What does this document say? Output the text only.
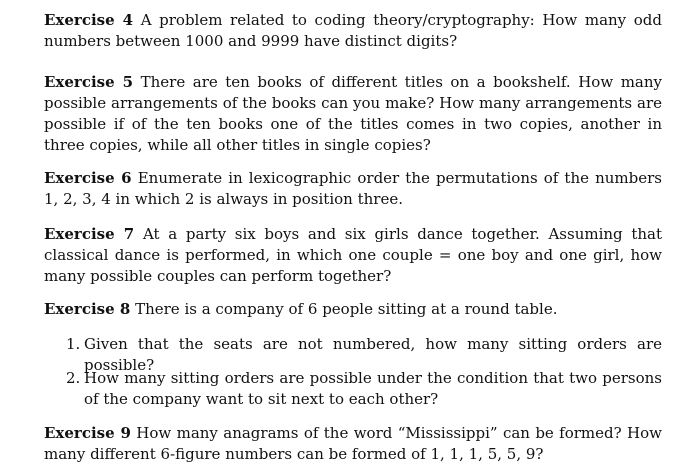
Exercise 4 A problem related to coding theory/cryptography: How many odd numbers between 1000 and 9999 have distinct digits?
Exercise 5 There are ten books of different titles on a bookshelf. How many possible arrangements of the books can you make? How many arrangements are possible if of the ten books one of the titles comes in two copies, another in three copies, while all other titles in single copies?
Exercise 6 Enumerate in lexicographic order the permutations of the numbers 1, 2, 3, 4 in which 2 is always in position three.
Exercise 7 At a party six boys and six girls dance together. Assuming that classical dance is performed, in which one couple = one boy and one girl, how many possible couples can perform together?
Exercise 8 There is a company of 6 people sitting at a round table.
1. Given that the seats are not numbered, how many sitting orders are possible?
2. How many sitting orders are possible under the condition that two persons of the company want to sit next to each other?
Exercise 9 How many anagrams of the word “Mississippi” can be formed? How many different 6-figure numbers can be formed of 1, 1, 1, 5, 5, 9?
